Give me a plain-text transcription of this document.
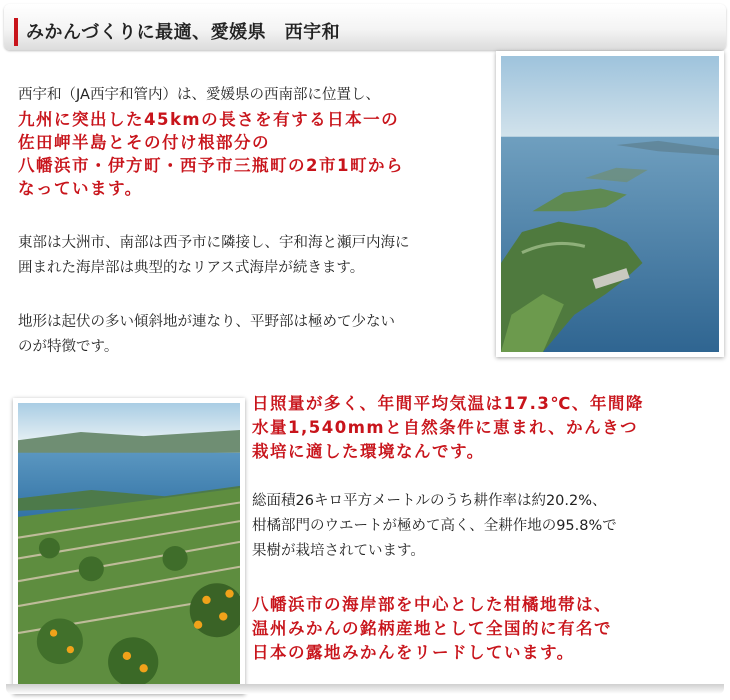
みかんづくりに最適、愛媛県　西宇和

西宇和（JA西宇和管内）は、愛媛県の西南部に位置し、

九州に突出した45kmの長さを有する日本一の

佐田岬半島とその付け根部分の

八幡浜市・伊方町・西予市三瓶町の2市1町から

なっています。

東部は大洲市、南部は西予市に隣接し、宇和海と瀬戸内海に

囲まれた海岸部は典型的なリアス式海岸が続きます。

地形は起伏の多い傾斜地が連なり、平野部は極めて少ない

のが特徴です。

日照量が多く、年間平均気温は17.3℃、年間降

水量1,540mmと自然条件に恵まれ、かんきつ

栽培に適した環境なんです。

総面積26キロ平方メートルのうち耕作率は約20.2%、

柑橘部門のウエートが極めて高く、全耕作地の95.8%で

果樹が栽培されています。

八幡浜市の海岸部を中心とした柑橘地帯は、

温州みかんの銘柄産地として全国的に有名で

日本の露地みかんをリードしています。
